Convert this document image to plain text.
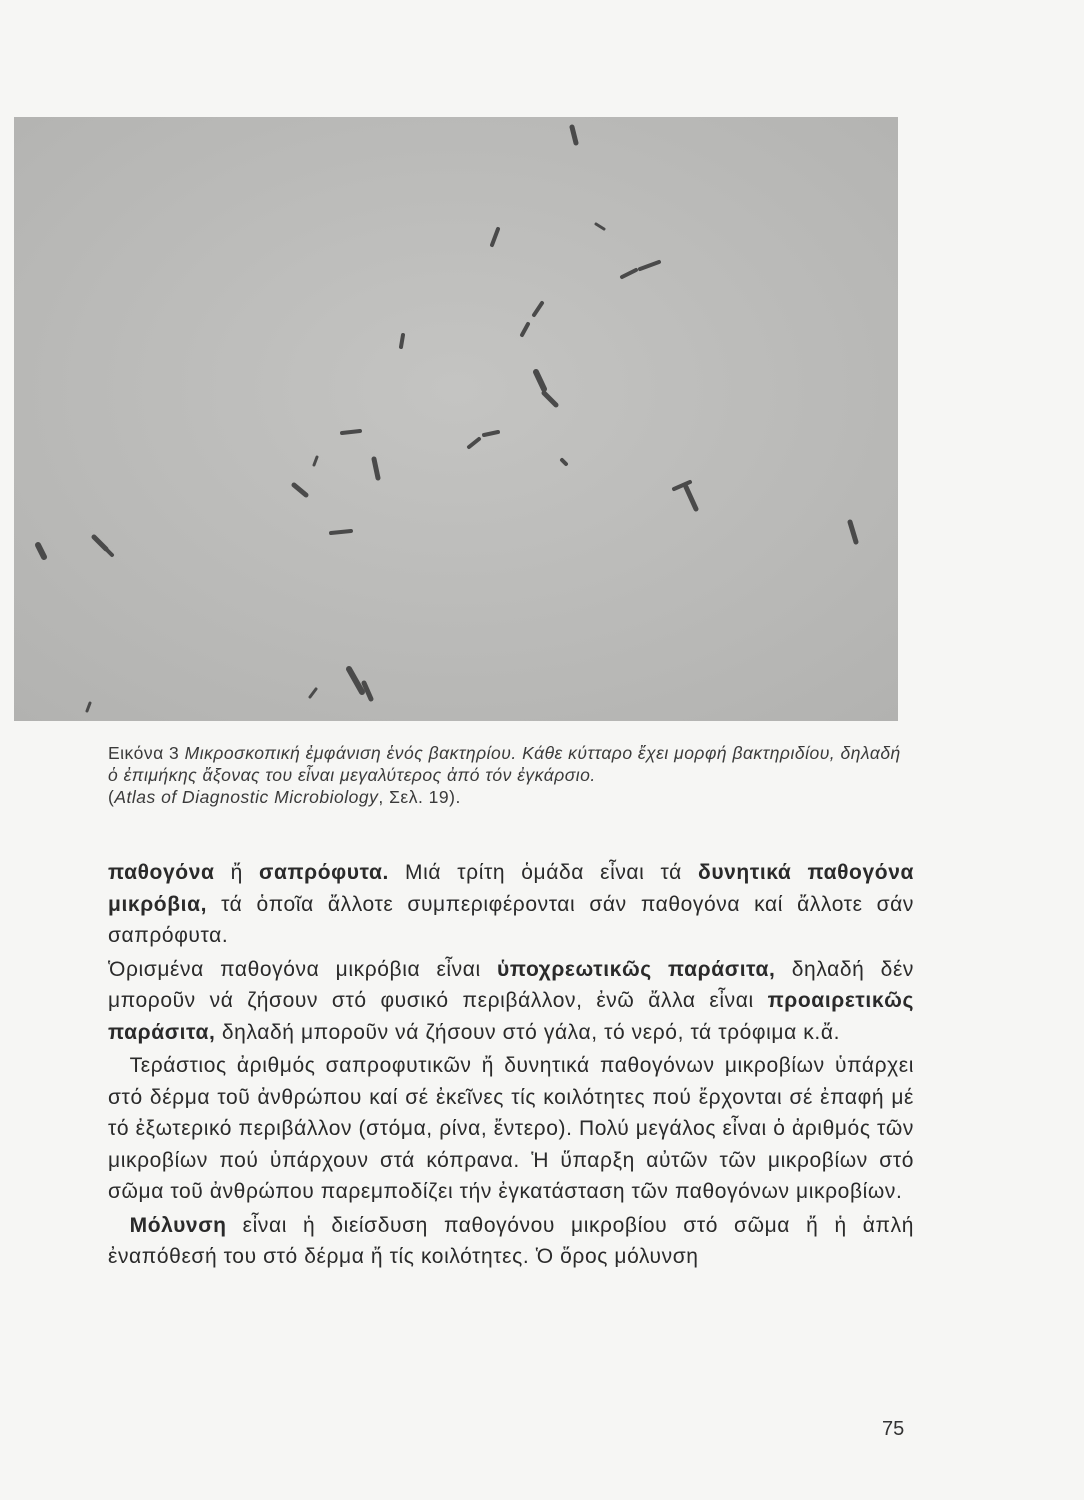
Εικόνα 3 Μικροσκοπική ἐμφάνιση ἑνός βακτηρίου. Κάθε κύτταρο ἔχει μορφή βακτηριδίου, δηλαδή ὁ ἐπιμήκης ἄξονας του εἶναι μεγαλύτερος ἀπό τόν ἐγκάρσιο.
(Atlas of Diagnostic Microbiology, Σελ. 19).

παθογόνα ἤ σαπρόφυτα. Μιά τρίτη ὁμάδα εἶναι τά δυνητικά παθογόνα μικρόβια, τά ὁποῖα ἄλλοτε συμπεριφέρονται σάν παθογόνα καί ἄλλοτε σάν σαπρόφυτα.

Ὁρισμένα παθογόνα μικρόβια εἶναι ὑποχρεωτικῶς παράσιτα, δηλαδή δέν μποροῦν νά ζήσουν στό φυσικό περιβάλλον, ἐνῶ ἄλλα εἶναι προαιρετικῶς παράσιτα, δηλαδή μποροῦν νά ζήσουν στό γάλα, τό νερό, τά τρόφιμα κ.ἄ.

 Τεράστιος ἀριθμός σαπροφυτικῶν ἤ δυνητικά παθογόνων μικροβίων ὑπάρχει στό δέρμα τοῦ ἀνθρώπου καί σέ ἐκεῖνες τίς κοιλότητες πού ἔρχονται σέ ἐπαφή μέ τό ἐξωτερικό περιβάλλον (στόμα, ρίνα, ἔντερο). Πολύ μεγάλος εἶναι ὁ ἀριθμός τῶν μικροβίων πού ὑπάρχουν στά κόπρανα. Ἡ ὕπαρξη αὐτῶν τῶν μικροβίων στό σῶμα τοῦ ἀνθρώπου παρεμποδίζει τήν ἐγκατάσταση τῶν παθογόνων μικροβίων.

 Μόλυνση εἶναι ἡ διείσδυση παθογόνου μικροβίου στό σῶμα ἤ ἡ ἁπλή ἐναπόθεσή του στό δέρμα ἤ τίς κοιλότητες. Ὁ ὅρος μόλυνση

75
